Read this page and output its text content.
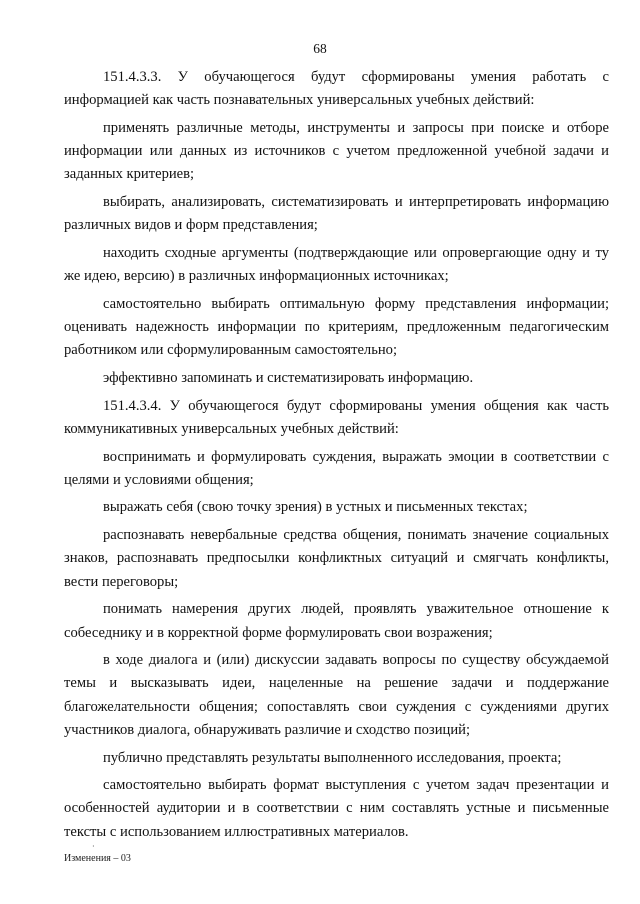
68

151.4.3.3. У обучающегося будут сформированы умения работать с информацией как часть познавательных универсальных учебных действий:

применять различные методы, инструменты и запросы при поиске и отборе информации или данных из источников с учетом предложенной учебной задачи и заданных критериев;

выбирать, анализировать, систематизировать и интерпретировать информацию различных видов и форм представления;

находить сходные аргументы (подтверждающие или опровергающие одну и ту же идею, версию) в различных информационных источниках;

самостоятельно выбирать оптимальную форму представления информации; оценивать надежность информации по критериям, предложенным педагогическим работником или сформулированным самостоятельно;

эффективно запоминать и систематизировать информацию.

151.4.3.4. У обучающегося будут сформированы умения общения как часть коммуникативных универсальных учебных действий:

воспринимать и формулировать суждения, выражать эмоции в соответствии с целями и условиями общения;

выражать себя (свою точку зрения) в устных и письменных текстах;

распознавать невербальные средства общения, понимать значение социальных знаков, распознавать предпосылки конфликтных ситуаций и смягчать конфликты, вести переговоры;

понимать намерения других людей, проявлять уважительное отношение к собеседнику и в корректной форме формулировать свои возражения;

в ходе диалога и (или) дискуссии задавать вопросы по существу обсуждаемой темы и высказывать идеи, нацеленные на решение задачи и поддержание благожелательности общения; сопоставлять свои суждения с суждениями других участников диалога, обнаруживать различие и сходство позиций;

публично представлять результаты выполненного исследования, проекта;

самостоятельно выбирать формат выступления с учетом задач презентации и особенностей аудитории и в соответствии с ним составлять устные и письменные тексты с использованием иллюстративных материалов.

·
Изменения – 03
